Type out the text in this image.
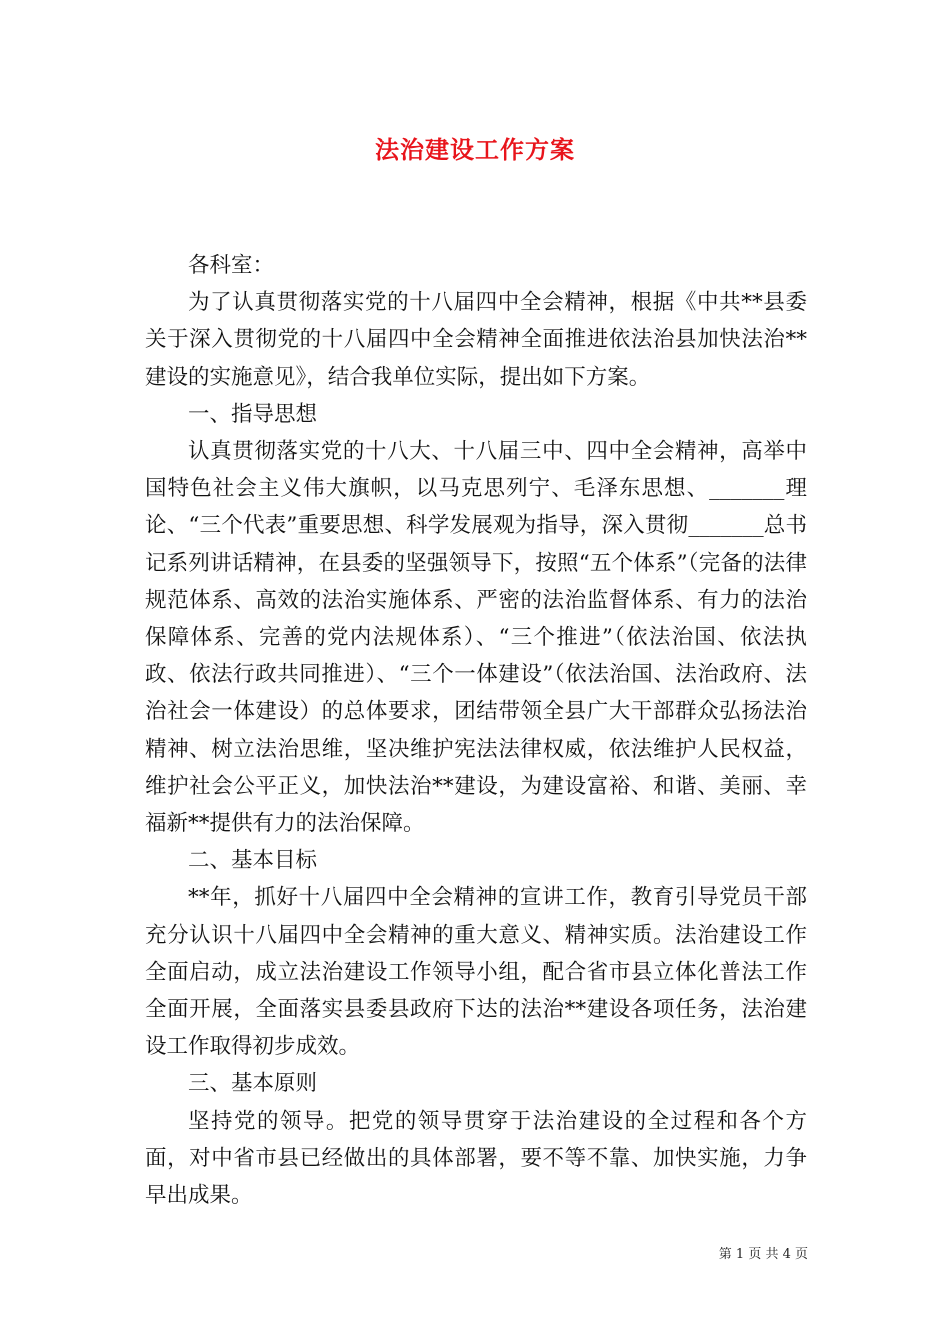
法治建设工作方案

各科室：

为了认真贯彻落实党的十八届四中全会精神，根据《中共**县委关于深入贯彻党的十八届四中全会精神全面推进依法治县加快法治**建设的实施意见》，结合我单位实际，提出如下方案。

一、指导思想

认真贯彻落实党的十八大、十八届三中、四中全会精神，高举中国特色社会主义伟大旗帜，以马克思列宁、毛泽东思想、_______理论、“三个代表”重要思想、科学发展观为指导，深入贯彻_______总书记系列讲话精神，在县委的坚强领导下，按照“五个体系”（完备的法律规范体系、高效的法治实施体系、严密的法治监督体系、有力的法治保障体系、完善的党内法规体系）、“三个推进”（依法治国、依法执政、依法行政共同推进）、“三个一体建设”（依法治国、法治政府、法治社会一体建设）的总体要求，团结带领全县广大干部群众弘扬法治精神、树立法治思维，坚决维护宪法法律权威，依法维护人民权益，维护社会公平正义，加快法治**建设，为建设富裕、和谐、美丽、幸福新**提供有力的法治保障。

二、基本目标

**年，抓好十八届四中全会精神的宣讲工作，教育引导党员干部充分认识十八届四中全会精神的重大意义、精神实质。法治建设工作全面启动，成立法治建设工作领导小组，配合省市县立体化普法工作全面开展，全面落实县委县政府下达的法治**建设各项任务，法治建设工作取得初步成效。

三、基本原则

坚持党的领导。把党的领导贯穿于法治建设的全过程和各个方面，对中省市县已经做出的具体部署，要不等不靠、加快实施，力争早出成果。

第 1 页 共 4 页
